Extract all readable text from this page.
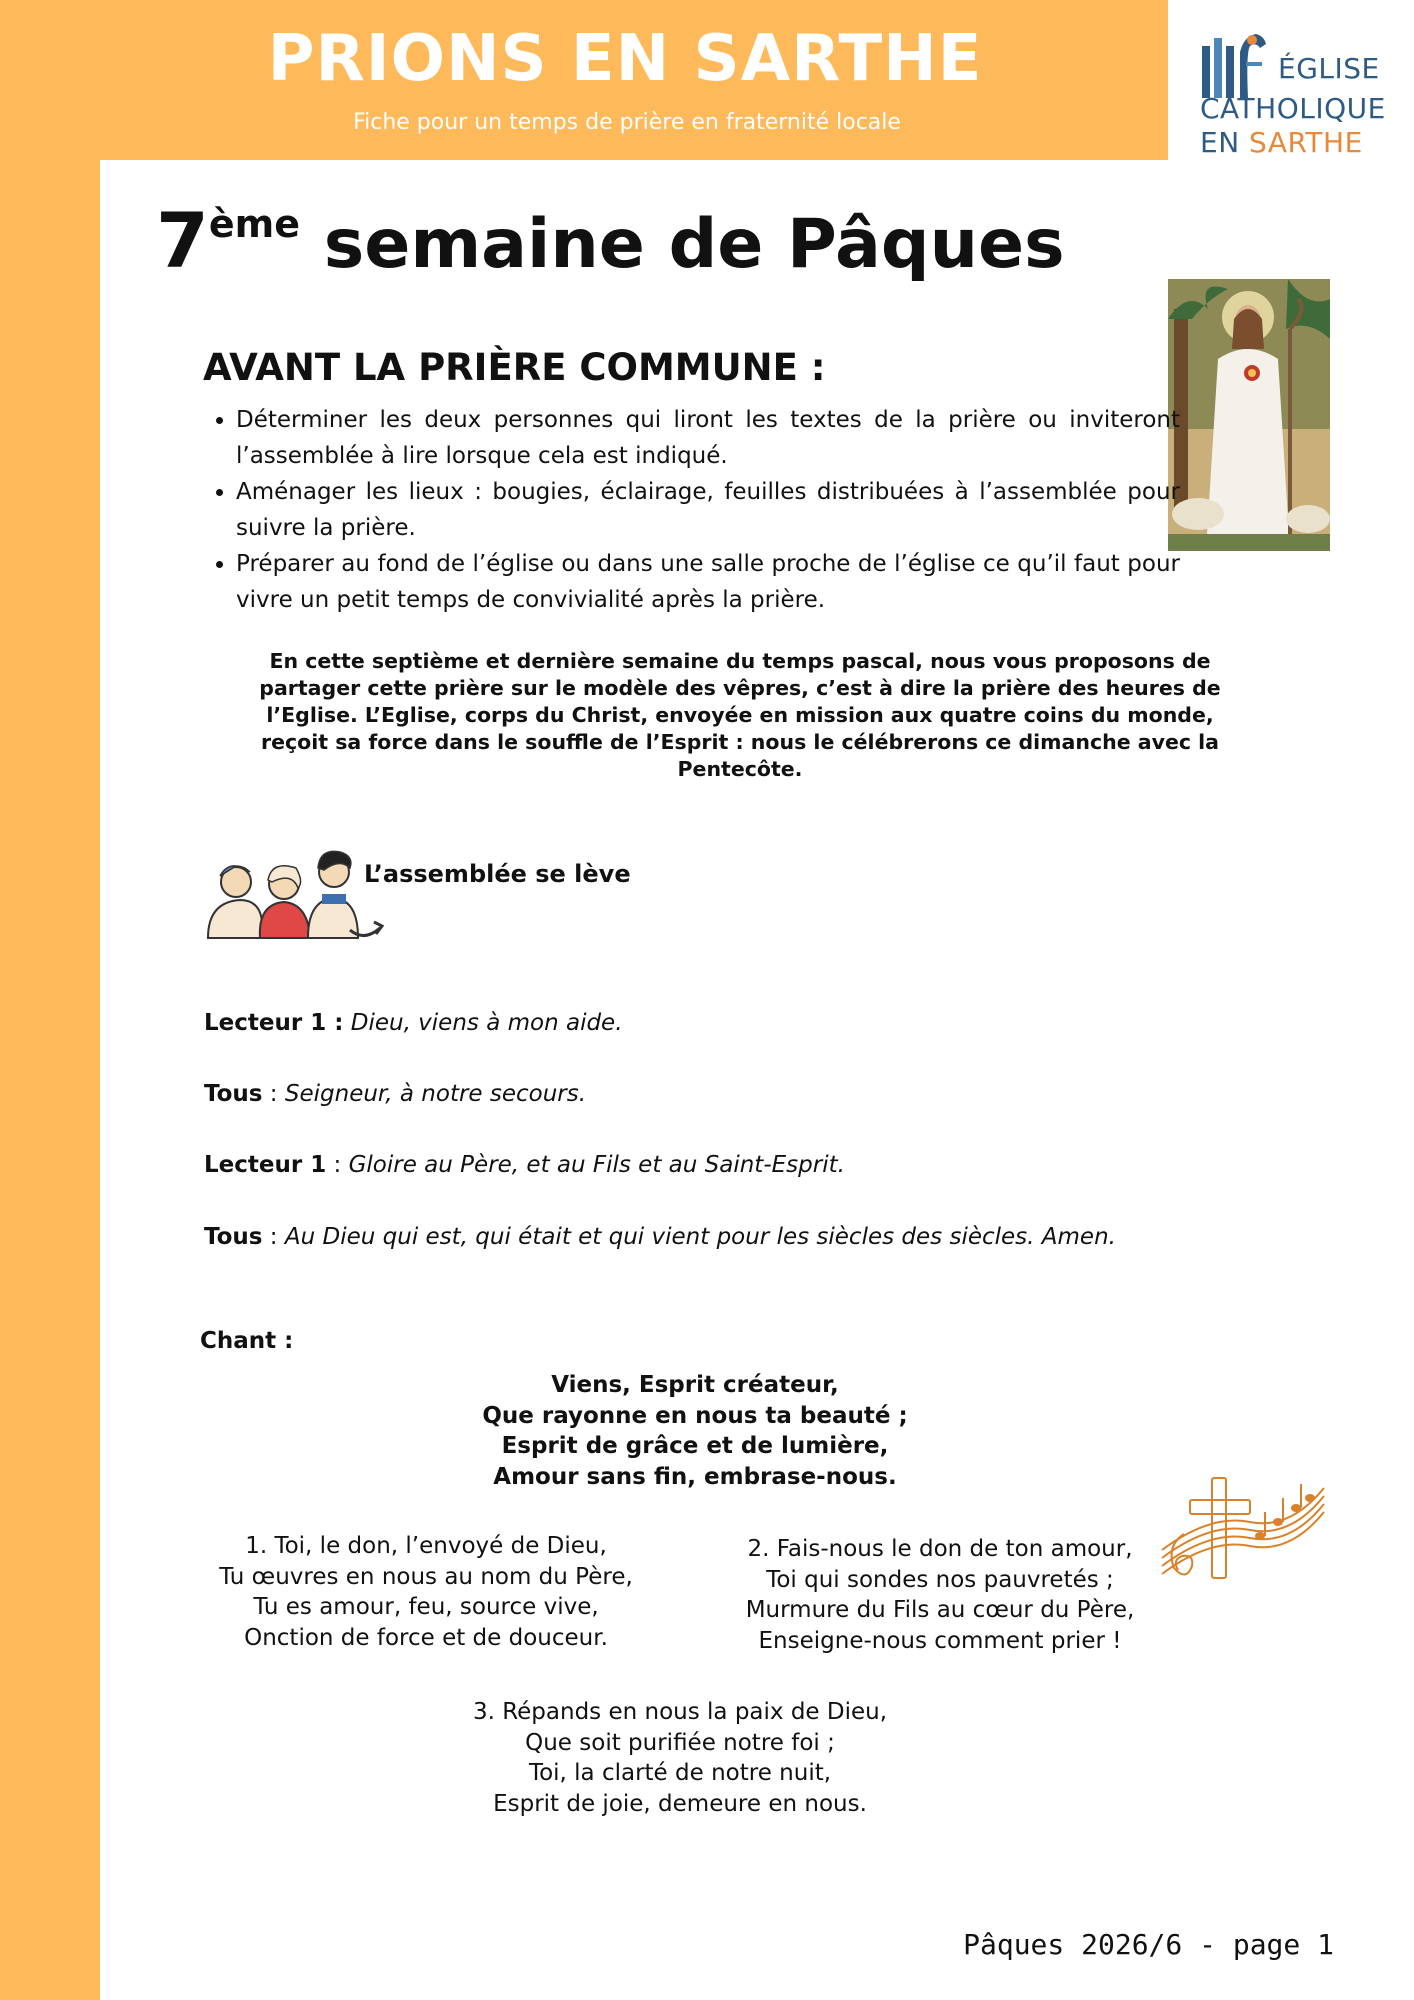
PRIONS EN SARTHE
Fiche pour un temps de prière en fraternité locale
ÉGLISE
CATHOLIQUE
EN SARTHE
7ème semaine de Pâques
AVANT LA PRIÈRE COMMUNE :
• Déterminer les deux personnes qui liront les textes de la prière ou inviteront l’assemblée à lire lorsque cela est indiqué.
• Aménager les lieux : bougies, éclairage, feuilles distribuées à l’assemblée pour suivre la prière.
• Préparer au fond de l’église ou dans une salle proche de l’église ce qu’il faut pour vivre un petit temps de convivialité après la prière.
En cette septième et dernière semaine du temps pascal, nous vous proposons de partager cette prière sur le modèle des vêpres, c’est à dire la prière des heures de l’Eglise. L’Eglise, corps du Christ, envoyée en mission aux quatre coins du monde, reçoit sa force dans le souffle de l’Esprit : nous le célébrerons ce dimanche avec la Pentecôte.
L’assemblée se lève
Lecteur 1 : Dieu, viens à mon aide.
Tous : Seigneur, à notre secours.
Lecteur 1 : Gloire au Père, et au Fils et au Saint-Esprit.
Tous : Au Dieu qui est, qui était et qui vient pour les siècles des siècles. Amen.
Chant :
Viens, Esprit créateur,
Que rayonne en nous ta beauté ;
Esprit de grâce et de lumière,
Amour sans fin, embrase-nous.
1. Toi, le don, l’envoyé de Dieu,
Tu œuvres en nous au nom du Père,
Tu es amour, feu, source vive,
Onction de force et de douceur.
2. Fais-nous le don de ton amour,
Toi qui sondes nos pauvretés ;
Murmure du Fils au cœur du Père,
Enseigne-nous comment prier !
3. Répands en nous la paix de Dieu,
Que soit purifiée notre foi ;
Toi, la clarté de notre nuit,
Esprit de joie, demeure en nous.
Pâques 2026/6 - page 1
